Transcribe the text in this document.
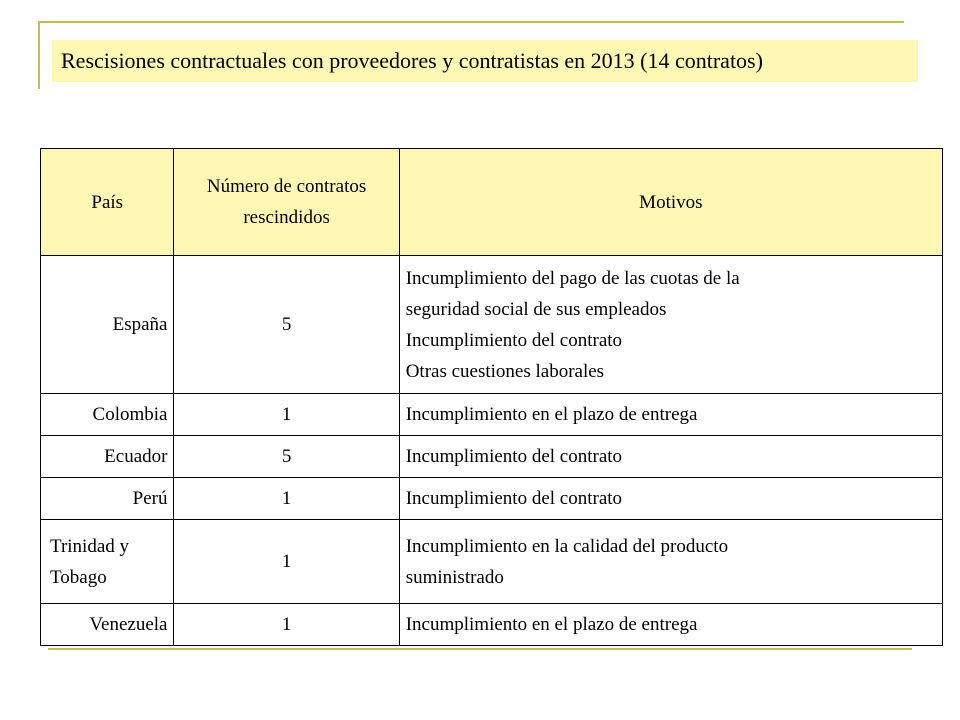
Rescisiones contractuales con proveedores y contratistas en 2013 (14 contratos)
País	Número de contratos rescindidos	Motivos
España	5	Incumplimiento del pago de las cuotas de la
seguridad social de sus empleados
Incumplimiento del contrato
Otras cuestiones laborales

Colombia	1	Incumplimiento en el plazo de entrega

Ecuador	5	Incumplimiento del contrato

Perú	1	Incumplimiento del contrato

Trinidad y Tobago	1	Incumplimiento en la calidad del producto
suministrado

Venezuela	1	Incumplimiento en el plazo de entrega
